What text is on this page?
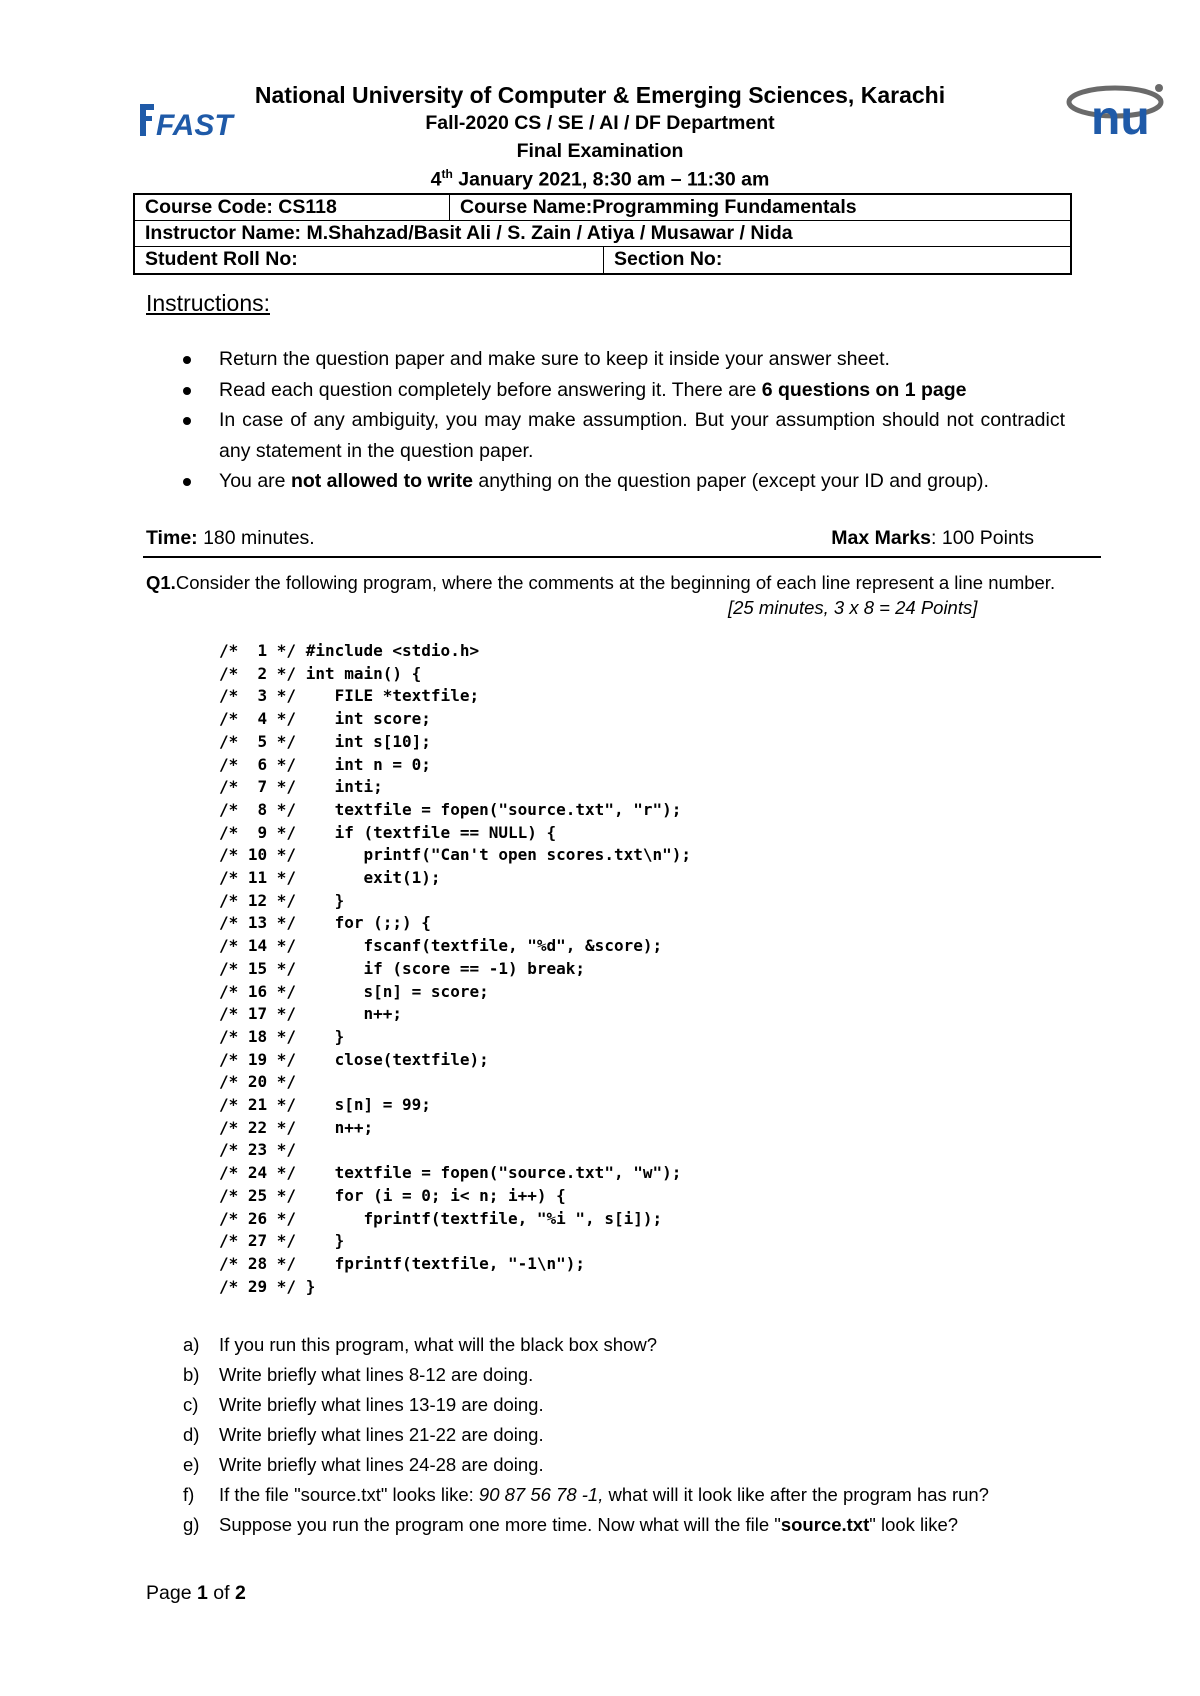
FAST	nu
National University of Computer & Emerging Sciences, Karachi
Fall-2020 CS / SE / AI / DF Department
Final Examination
4th January 2021, 8:30 am – 11:30 am
Course Code: CS118	Course Name:Programming Fundamentals
Instructor Name: M.Shahzad/Basit Ali / S. Zain / Atiya / Musawar / Nida
Student Roll No:	Section No:
Instructions:
Return the question paper and make sure to keep it inside your answer sheet.
Read each question completely before answering it. There are 6 questions on 1 page
In case of any ambiguity, you may make assumption. But your assumption should not contradict any statement in the question paper.
You are not allowed to write anything on the question paper (except your ID and group).
Time: 180 minutes.	Max Marks: 100 Points
Q1.Consider the following program, where the comments at the beginning of each line represent a line number.
[25 minutes, 3 x 8 = 24 Points]
/*  1 */ #include <stdio.h>
/*  2 */ int main() {
/*  3 */    FILE *textfile;
/*  4 */    int score;
/*  5 */    int s[10];
/*  6 */    int n = 0;
/*  7 */    inti;
/*  8 */    textfile = fopen("source.txt", "r");
/*  9 */    if (textfile == NULL) {
/* 10 */       printf("Can't open scores.txt\n");
/* 11 */       exit(1);
/* 12 */    }
/* 13 */    for (;;) {
/* 14 */       fscanf(textfile, "%d", &score);
/* 15 */       if (score == -1) break;
/* 16 */       s[n] = score;
/* 17 */       n++;
/* 18 */    }
/* 19 */    close(textfile);
/* 20 */
/* 21 */    s[n] = 99;
/* 22 */    n++;
/* 23 */
/* 24 */    textfile = fopen("source.txt", "w");
/* 25 */    for (i = 0; i< n; i++) {
/* 26 */       fprintf(textfile, "%i ", s[i]);
/* 27 */    }
/* 28 */    fprintf(textfile, "-1\n");
/* 29 */ }
a) If you run this program, what will the black box show?
b) Write briefly what lines 8-12 are doing.
c) Write briefly what lines 13-19 are doing.
d) Write briefly what lines 21-22 are doing.
e) Write briefly what lines 24-28 are doing.
f) If the file "source.txt" looks like: 90 87 56 78 -1, what will it look like after the program has run?
g) Suppose you run the program one more time. Now what will the file "source.txt" look like?
Page 1 of 2
